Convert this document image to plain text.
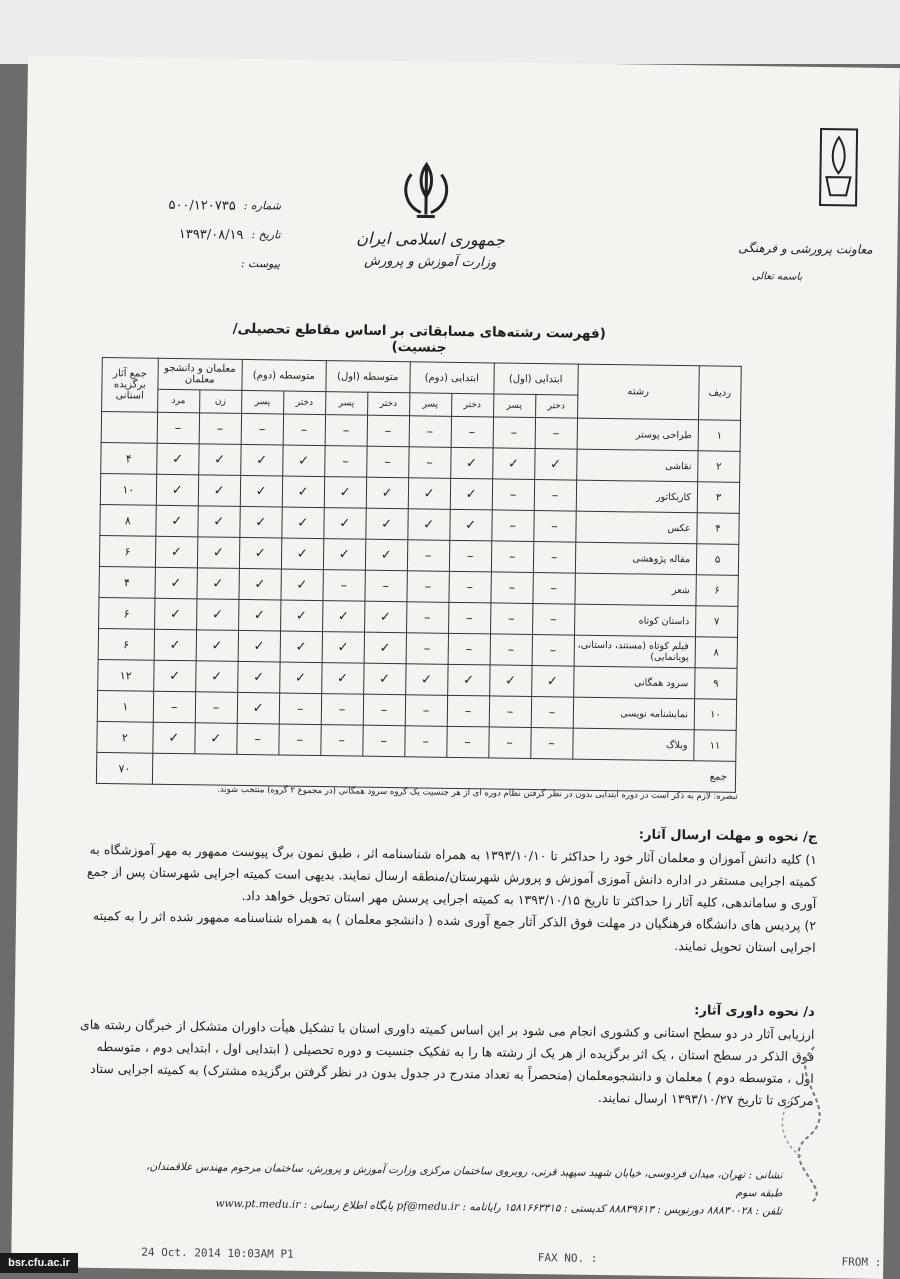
جمهوری اسلامی ایران
وزارت آموزش و پرورش
معاونت پرورشی و فرهنگی
باسمه تعالی
شماره :
۵۰۰/۱۲۰۷۳۵
تاریخ :
۱۳۹۳/۰۸/۱۹
پیوست :
(فهرست رشته‌های مسابقاتی بر اساس مقاطع تحصیلی/ جنسیت)
ردیف	رشته	ابتدایی (اول)		ابتدایی (دوم)		متوسطه (اول)		متوسطه (دوم)		معلمان و دانشجو معلمان		جمع آثار برگزیده استانی
		دختر	پسر	دختر	پسر	دختر	پسر	دختر	پسر	زن	مرد	
۱	طراحی پوستر	–	–	–	–	–	–	–	–	–	–	
۲	نقاشی	✓	✓	✓	–	–	–	✓	✓	✓	✓	۴
۳	کاریکاتور	–	–	✓	✓	✓	✓	✓	✓	✓	✓	۱۰
۴	عکس	–	–	✓	✓	✓	✓	✓	✓	✓	✓	۸
۵	مقاله پژوهشی	–	–	–	–	✓	✓	✓	✓	✓	✓	۶
۶	شعر	–	–	–	–	–	–	✓	✓	✓	✓	۴
۷	داستان کوتاه	–	–	–	–	✓	✓	✓	✓	✓	✓	۶
۸	فیلم کوتاه (مستند، داستانی، پویانمایی)	–	–	–	–	✓	✓	✓	✓	✓	✓	۶
۹	سرود همگانی	✓	✓	✓	✓	✓	✓	✓	✓	✓	✓	۱۲
۱۰	نمایشنامه نویسی	–	–	–	–	–	–	–	✓	–	–	۱
۱۱	وبلاگ	–	–	–	–	–	–	–	–	✓	✓	۲
جمع												۷۰
تبصره: لازم به ذکر است در دوره ابتدایی بدون در نظر گرفتن نظام دوره ای از هر جنسیت یک گروه سرود همگانی (در مجموع ۲ گروه) منتخب شوند.
ج/ نحوه و مهلت ارسال آثار:
۱) کلیه دانش آموزان و معلمان آثار خود را حداکثر تا ۱۳۹۳/۱۰/۱۰ به همراه شناسنامه اثر ، طبق نمون برگ پیوست ممهور به مهر آموزشگاه به کمیته اجرایی مستقر در اداره دانش آموزی آموزش و پرورش شهرستان/منطقه ارسال نمایند. بدیهی است کمیته اجرایی شهرستان پس از جمع آوری و ساماندهی، کلیه آثار را حداکثر تا تاریخ ۱۳۹۳/۱۰/۱۵ به کمیته اجرایی پرسش مهر استان تحویل خواهد داد.
۲) پردیس های دانشگاه فرهنگیان در مهلت فوق الذکر آثار جمع آوری شده ( دانشجو معلمان ) به همراه شناسنامه ممهور شده اثر را به کمیته اجرایی استان تحویل نمایند.
د/ نحوه داوری آثار:
ارزیابی آثار در دو سطح استانی و کشوری انجام می شود بر این اساس کمیته داوری استان با تشکیل هیأت داوران متشکل از خبرگان رشته های فوق الذکر در سطح استان ، یک اثر برگزیده از هر یک از رشته ها را به تفکیک جنسیت و دوره تحصیلی ( ابتدایی اول ، ابتدایی دوم ، متوسطه اول ، متوسطه دوم ) معلمان و دانشجومعلمان (منحصراً به تعداد مندرج در جدول بدون در نظر گرفتن برگزیده مشترک) به کمیته اجرایی ستاد مرکزی تا تاریخ ۱۳۹۳/۱۰/۲۷ ارسال نمایند.
نشانی : تهران، میدان فردوسی، خیابان شهید سپهبد قرنی، روبروی ساختمان مرکزی وزارت آموزش و پرورش، ساختمان مرحوم مهندس علاقمندان، طبقه سوم
تلفن : ۸۸۸۳۰۰۲۸ دورنویس : ۸۸۸۳۹۶۱۳ کدپستی : ۱۵۸۱۶۶۳۳۱۵ رایانامه : pf@medu.ir پایگاه اطلاع رسانی : www.pt.medu.ir
24 Oct. 2014 10:03AM P1	FAX NO. :	FROM :
bsr.cfu.ac.ir
